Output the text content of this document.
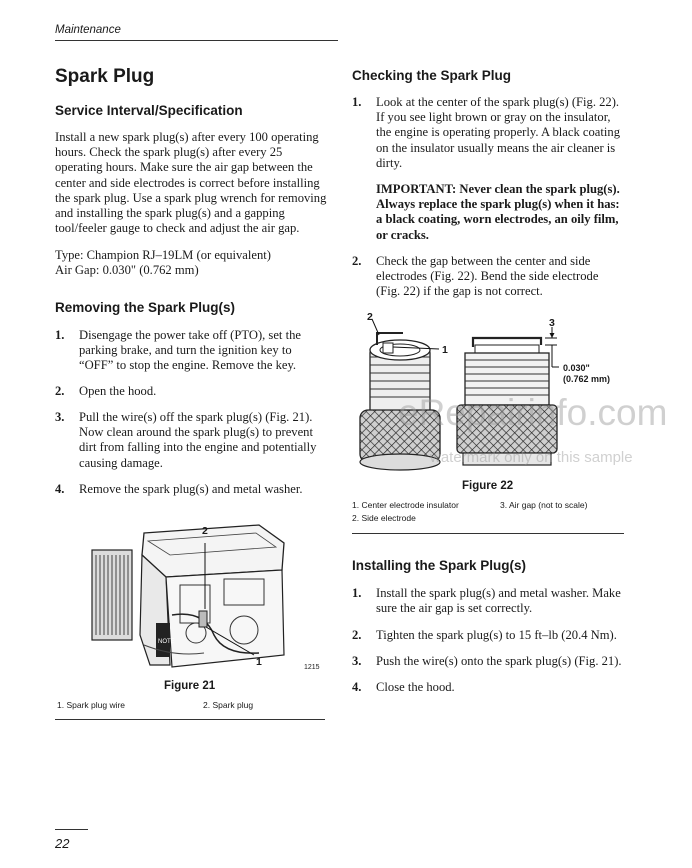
Maintenance
Spark Plug
Service Interval/Specification
Install a new spark plug(s) after every 100 operating hours. Check the spark plug(s) after every 25 operating hours. Make sure the air gap between the center and side electrodes is correct before installing the spark plug. Use a spark plug wrench for removing and installing the spark plug(s) and a gapping tool/feeler gauge to check and adjust the air gap.
Type: Champion RJ–19LM (or equivalent)
Air Gap: 0.030" (0.762 mm)
Removing the Spark Plug(s)
1.	Disengage the power take off (PTO), set the parking brake, and turn the ignition key to “OFF” to stop the engine. Remove the key.
2.	Open the hood.
3.	Pull the wire(s) off the spark plug(s) (Fig. 21). Now clean around the spark plug(s) to prevent dirt from falling into the engine and potentially causing damage.
4.	Remove the spark plug(s) and metal washer.
NOTE
2
1	1215
Figure 21
1. Spark plug wire	2. Spark plug
22
Checking the Spark Plug
1.	Look at the center of the spark plug(s) (Fig. 22). If you see light brown or gray on the insulator, the engine is operating properly. A black coating on the insulator usually means the air cleaner is dirty.
IMPORTANT: Never clean the spark plug(s). Always replace the spark plug(s) when it has: a black coating, worn electrodes, an oily film, or cracks.
2.	Check the gap between the center and side electrodes (Fig. 22). Bend the side electrode (Fig. 22) if the gap is not correct.
2
1
3
0.030"
(0.762 mm)
Figure 22
1. Center electrode insulator	3. Air gap (not to scale)
2. Side electrode
Installing the Spark Plug(s)
1.	Install the spark plug(s) and metal washer. Make sure the air gap is set correctly.
2.	Tighten the spark plug(s) to 15 ft–lb (20.4 Nm).
3.	Push the wire(s) onto the spark plug(s) (Fig. 21).
4.	Close the hood.
eRepairinfo.com
watermark only on this sample
